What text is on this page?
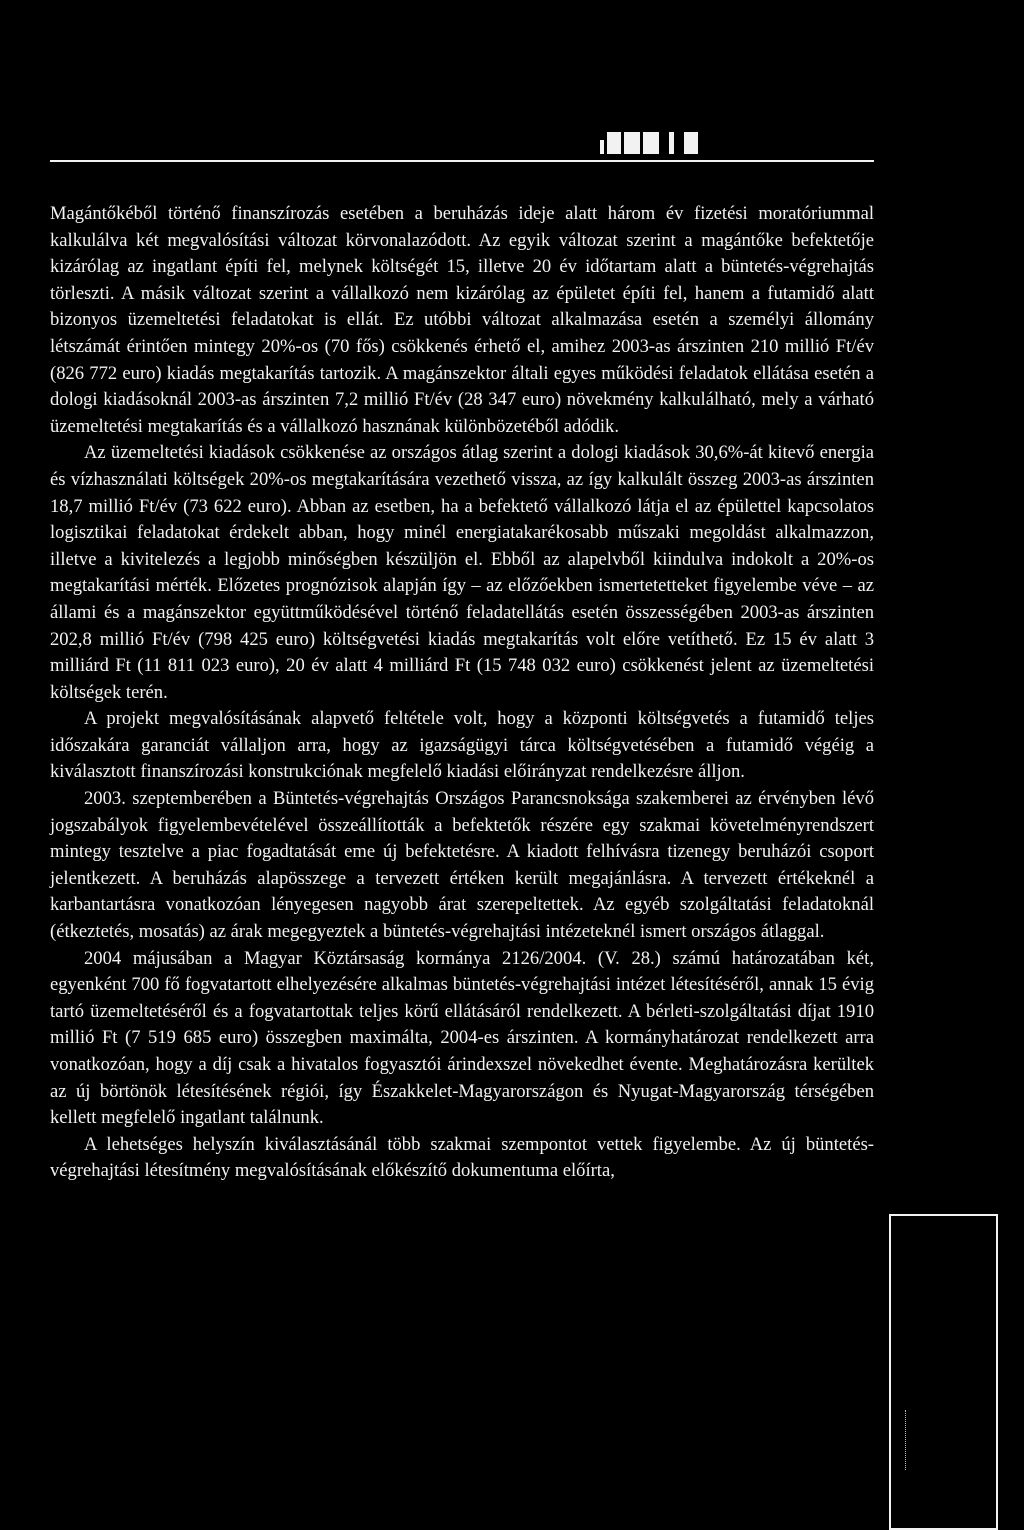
Magántőkéből történő finanszírozás esetében a beruházás ideje alatt három év fizetési moratóriummal kalkulálva két megvalósítási változat körvonalazódott. Az egyik változat szerint a magántőke befektetője kizárólag az ingatlant építi fel, melynek költségét 15, illetve 20 év időtartam alatt a büntetés-végrehajtás törleszti. A másik változat szerint a vállalkozó nem kizárólag az épületet építi fel, hanem a futamidő alatt bizonyos üzemeltetési feladatokat is ellát. Ez utóbbi változat alkalmazása esetén a személyi állomány létszámát érintően mintegy 20%-os (70 fős) csökkenés érhető el, amihez 2003-as árszinten 210 millió Ft/év (826 772 euro) kiadás megtakarítás tartozik. A magánszektor általi egyes működési feladatok ellátása esetén a dologi kiadásoknál 2003-as árszinten 7,2 millió Ft/év (28 347 euro) növekmény kalkulálható, mely a várható üzemeltetési megtakarítás és a vállalkozó hasznának különbözetéből adódik.

Az üzemeltetési kiadások csökkenése az országos átlag szerint a dologi kiadások 30,6%-át kitevő energia és vízhasználati költségek 20%-os megtakarítására vezethető vissza, az így kalkulált összeg 2003-as árszinten 18,7 millió Ft/év (73 622 euro). Abban az esetben, ha a befektető vállalkozó látja el az épülettel kapcsolatos logisztikai feladatokat érdekelt abban, hogy minél energiatakarékosabb műszaki megoldást alkalmazzon, illetve a kivitelezés a legjobb minőségben készüljön el. Ebből az alapelvből kiindulva indokolt a 20%-os megtakarítási mérték. Előzetes prognózisok alapján így – az előzőekben ismertetetteket figyelembe véve – az állami és a magánszektor együttműködésével történő feladatellátás esetén összességében 2003-as árszinten 202,8 millió Ft/év (798 425 euro) költségvetési kiadás megtakarítás volt előre vetíthető. Ez 15 év alatt 3 milliárd Ft (11 811 023 euro), 20 év alatt 4 milliárd Ft (15 748 032 euro) csökkenést jelent az üzemeltetési költségek terén.

A projekt megvalósításának alapvető feltétele volt, hogy a központi költségvetés a futamidő teljes időszakára garanciát vállaljon arra, hogy az igazságügyi tárca költségvetésében a futamidő végéig a kiválasztott finanszírozási konstrukciónak megfelelő kiadási előirányzat rendelkezésre álljon.

2003. szeptemberében a Büntetés-végrehajtás Országos Parancsnoksága szakemberei az érvényben lévő jogszabályok figyelembevételével összeállították a befektetők részére egy szakmai követelményrendszert mintegy tesztelve a piac fogadtatását eme új befektetésre. A kiadott felhívásra tizenegy beruházói csoport jelentkezett. A beruházás alapösszege a tervezett értéken került megajánlásra. A tervezett értékeknél a karbantartásra vonatkozóan lényegesen nagyobb árat szerepeltettek. Az egyéb szolgáltatási feladatoknál (étkeztetés, mosatás) az árak megegyeztek a büntetés-végrehajtási intézeteknél ismert országos átlaggal.

2004 májusában a Magyar Köztársaság kormánya 2126/2004. (V. 28.) számú határozatában két, egyenként 700 fő fogvatartott elhelyezésére alkalmas büntetés-végrehajtási intézet létesítéséről, annak 15 évig tartó üzemeltetéséről és a fogvatartottak teljes körű ellátásáról rendelkezett. A bérleti-szolgáltatási díjat 1910 millió Ft (7 519 685 euro) összegben maximálta, 2004-es árszinten. A kormányhatározat rendelkezett arra vonatkozóan, hogy a díj csak a hivatalos fogyasztói árindexszel növekedhet évente. Meghatározásra kerültek az új börtönök létesítésének régiói, így Északkelet-Magyarországon és Nyugat-Magyarország térségében kellett megfelelő ingatlant találnunk.

A lehetséges helyszín kiválasztásánál több szakmai szempontot vettek figyelembe. Az új büntetés-végrehajtási létesítmény megvalósításának előkészítő dokumentuma előírta,
